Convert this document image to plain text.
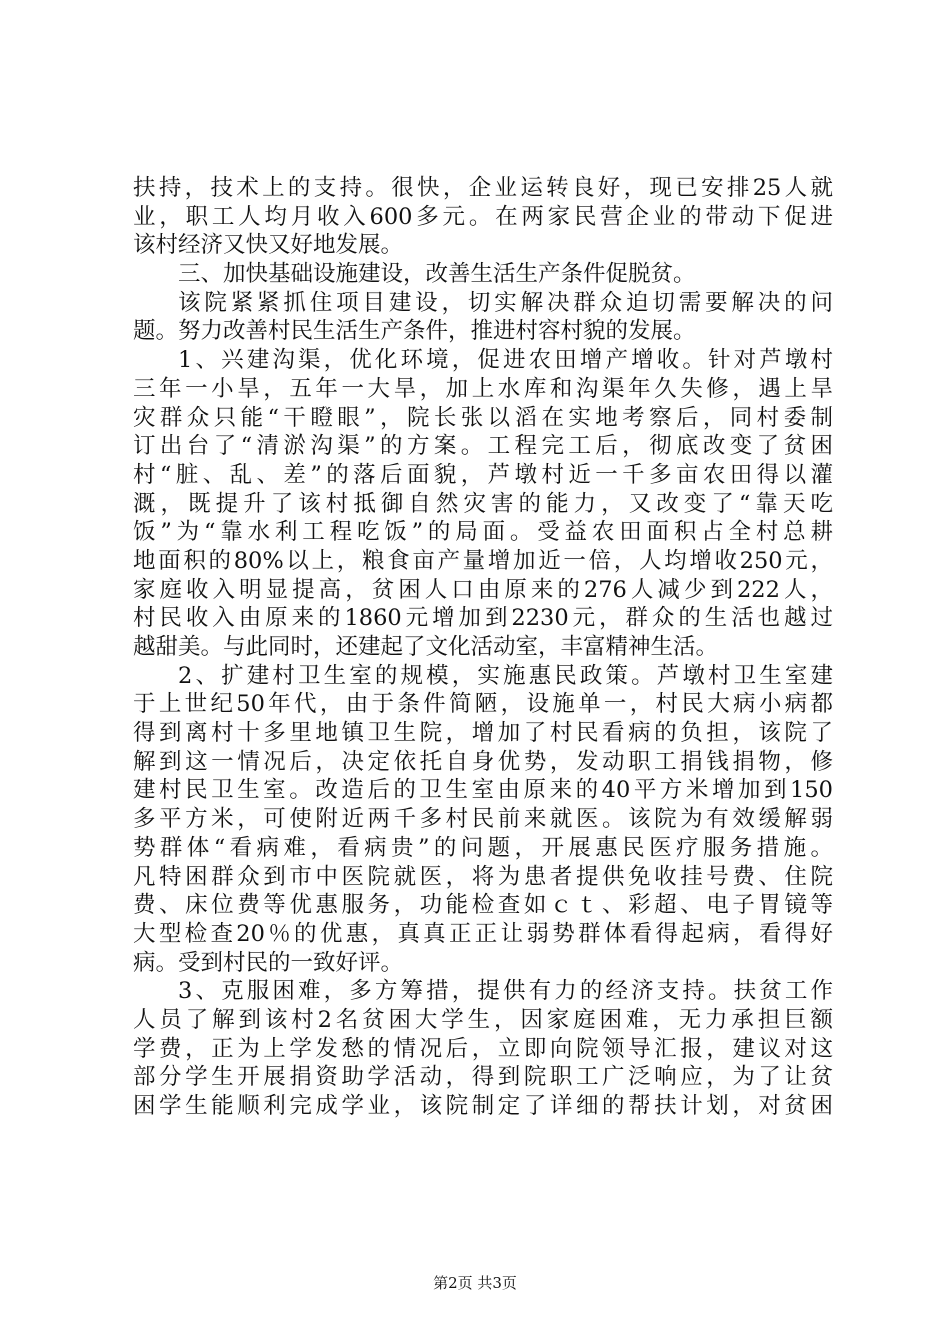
扶持，技术上的支持。很快，企业运转良好，现已安排25人就
业，职工人均月收入600多元。在两家民营企业的带动下促进
该村经济又快又好地发展。
三、加快基础设施建设，改善生活生产条件促脱贫。
该院紧紧抓住项目建设，切实解决群众迫切需要解决的问
题。努力改善村民生活生产条件，推进村容村貌的发展。
1、兴建沟渠，优化环境，促进农田增产增收。针对芦墩村
三年一小旱，五年一大旱，加上水库和沟渠年久失修，遇上旱
灾群众只能“干瞪眼”，院长张以滔在实地考察后，同村委制
订出台了“清淤沟渠”的方案。工程完工后，彻底改变了贫困
村“脏、乱、差”的落后面貌，芦墩村近一千多亩农田得以灌
溉，既提升了该村抵御自然灾害的能力，又改变了“靠天吃
饭”为“靠水利工程吃饭”的局面。受益农田面积占全村总耕
地面积的80%以上，粮食亩产量增加近一倍，人均增收250元，
家庭收入明显提高，贫困人口由原来的276人减少到222人，
村民收入由原来的1860元增加到2230元，群众的生活也越过
越甜美。与此同时，还建起了文化活动室，丰富精神生活。
2、扩建村卫生室的规模，实施惠民政策。芦墩村卫生室建
于上世纪50年代，由于条件简陋，设施单一，村民大病小病都
得到离村十多里地镇卫生院，增加了村民看病的负担，该院了
解到这一情况后，决定依托自身优势，发动职工捐钱捐物，修
建村民卫生室。改造后的卫生室由原来的40平方米增加到150
多平方米，可使附近两千多村民前来就医。该院为有效缓解弱
势群体“看病难，看病贵”的问题，开展惠民医疗服务措施。
凡特困群众到市中医院就医，将为患者提供免收挂号费、住院
费、床位费等优惠服务，功能检查如ｃｔ、彩超、电子胃镜等
大型检查20％的优惠，真真正正让弱势群体看得起病，看得好
病。受到村民的一致好评。
3、克服困难，多方筹措，提供有力的经济支持。扶贫工作
人员了解到该村2名贫困大学生，因家庭困难，无力承担巨额
学费，正为上学发愁的情况后，立即向院领导汇报，建议对这
部分学生开展捐资助学活动，得到院职工广泛响应，为了让贫
困学生能顺利完成学业，该院制定了详细的帮扶计划，对贫困
第2页 共3页
